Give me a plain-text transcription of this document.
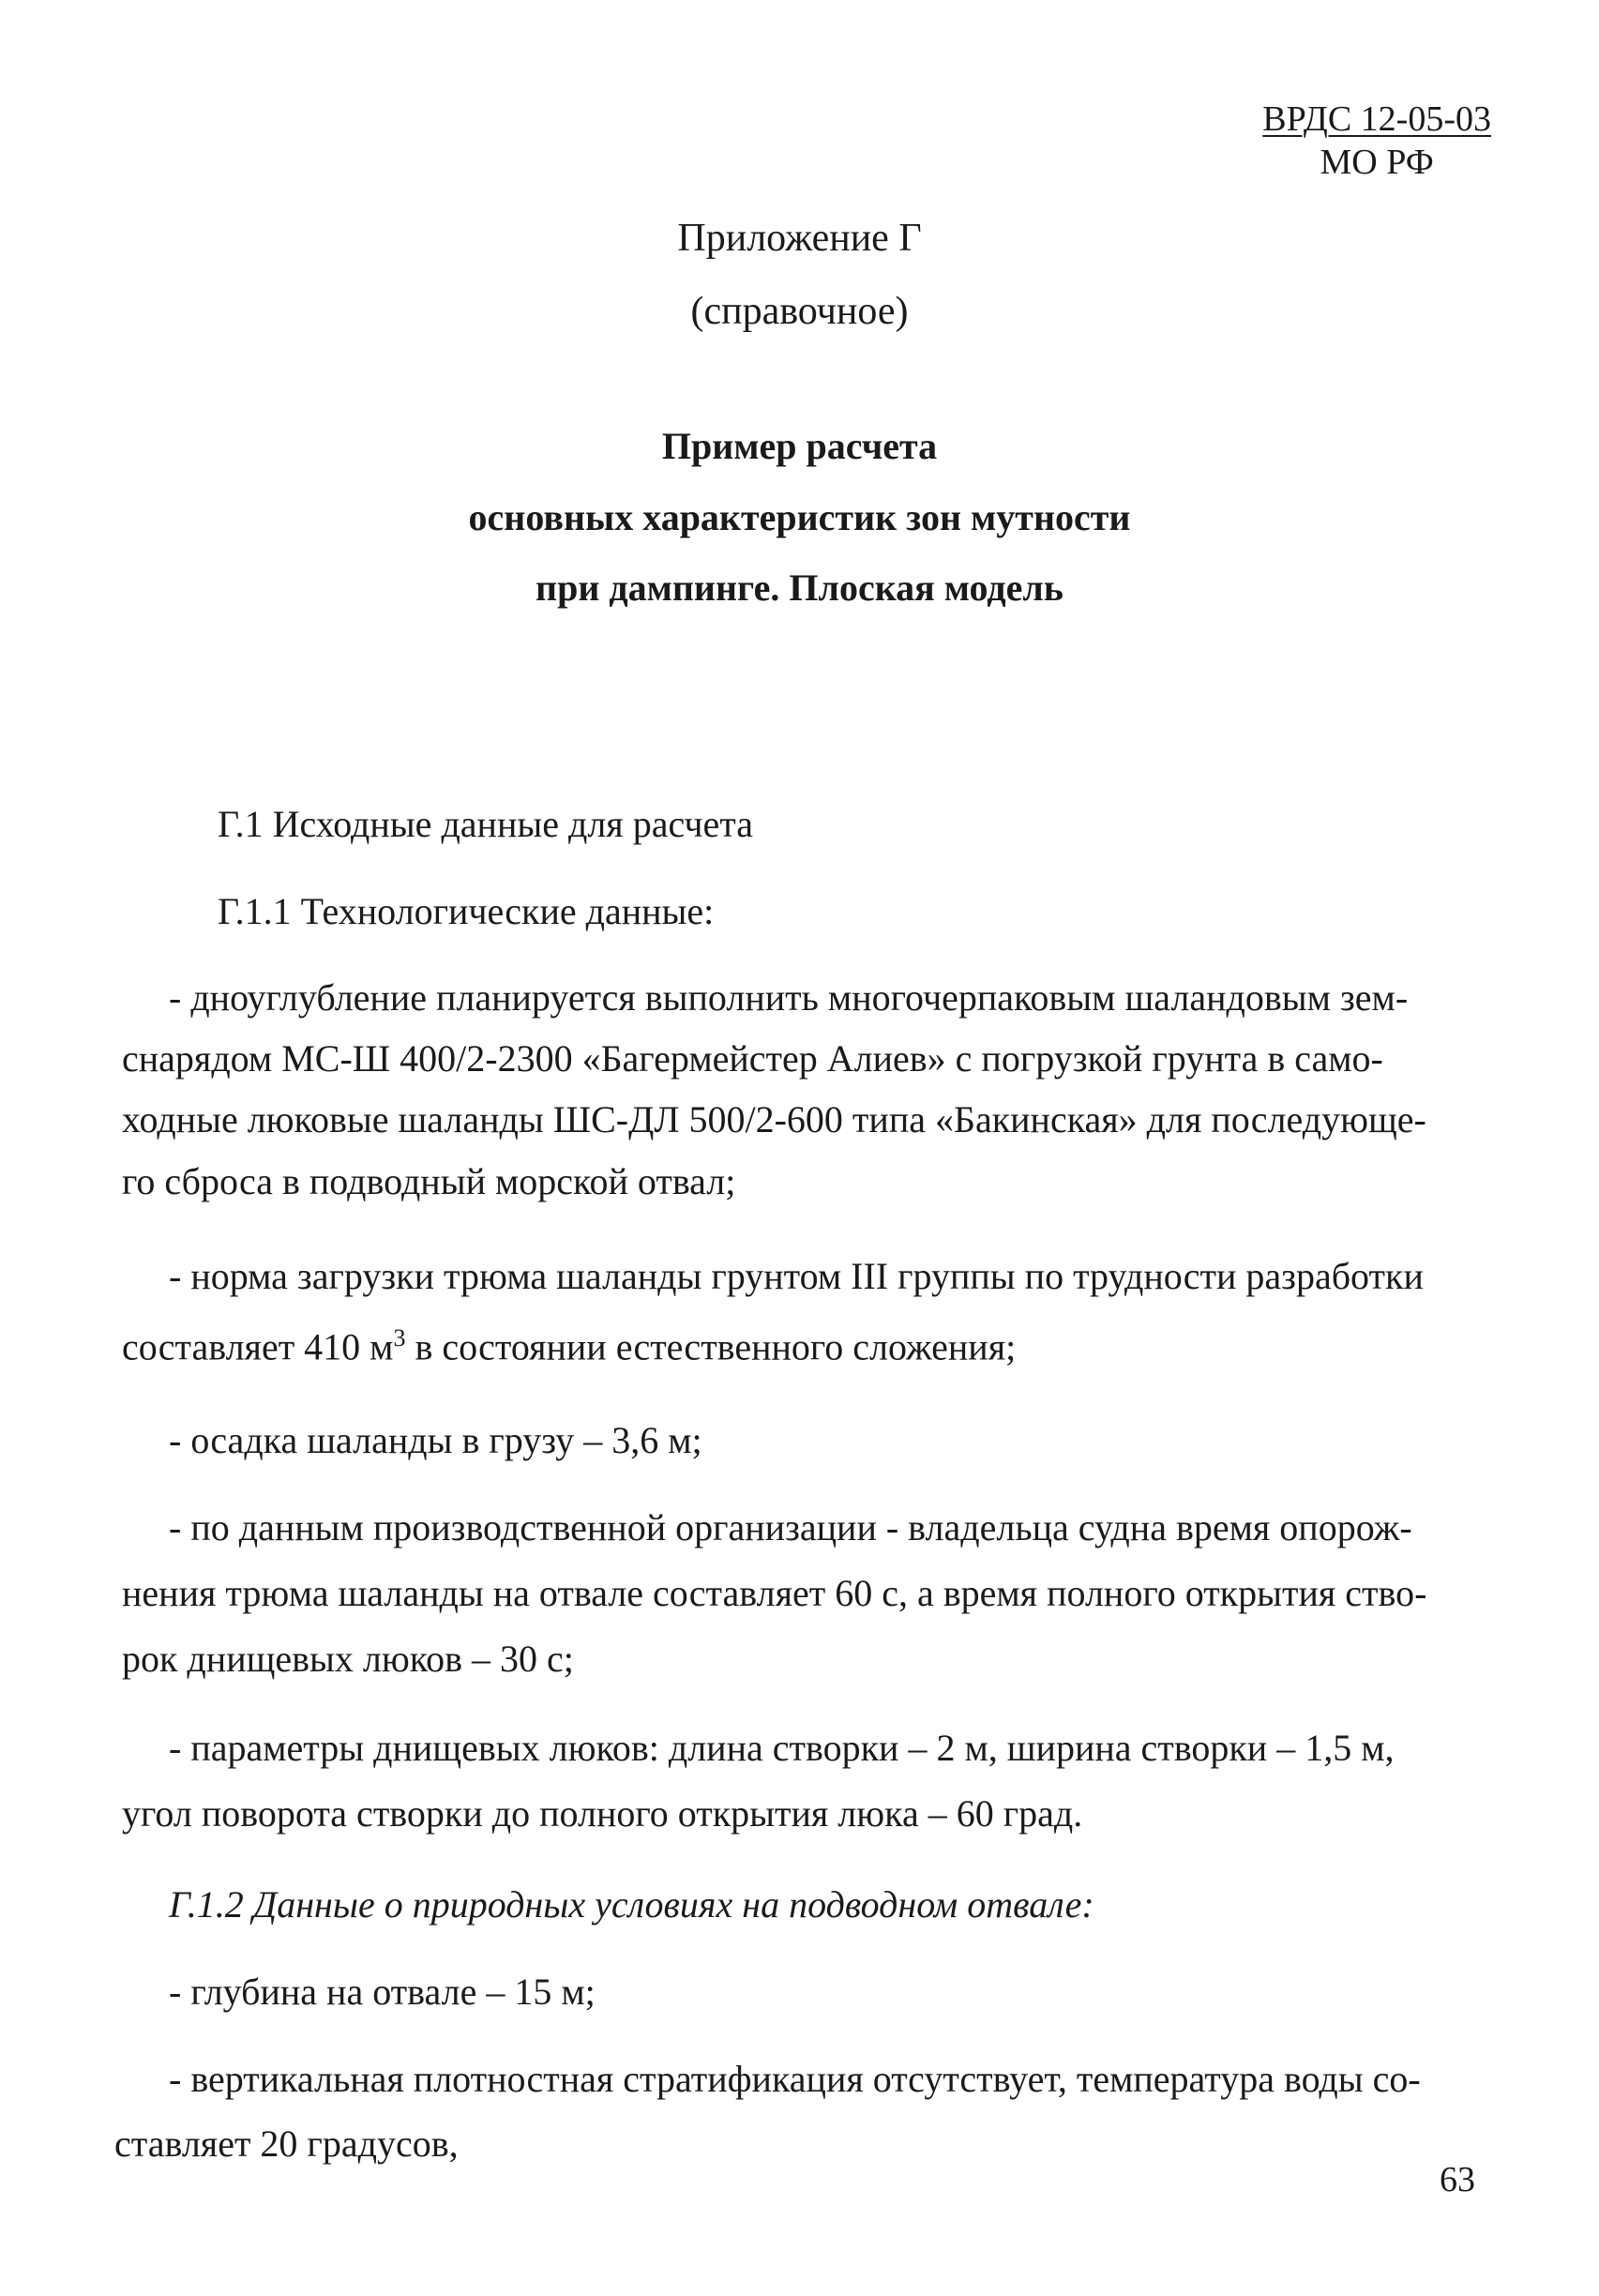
ВРДС 12-05-03
МО РФ
Приложение Г
(справочное)
Пример расчета
основных характеристик зон мутности
при дампинге. Плоская модель
Г.1 Исходные данные для расчета
Г.1.1 Технологические данные:
- дноуглубление планируется выполнить многочерпаковым шаландовым зем-
снарядом МС-Ш 400/2-2300 «Багермейстер Алиев» с погрузкой грунта в само-
ходные люковые шаланды ШС-ДЛ 500/2-600 типа «Бакинская» для последующе-
го сброса в подводный морской отвал;
- норма загрузки трюма шаланды грунтом III группы по трудности разработки
составляет 410 $м^3$ в состоянии естественного сложения;
- осадка шаланды в грузу – 3,6 м;
- по данным производственной организации - владельца судна время опорож-
нения трюма шаланды на отвале составляет 60 с, а время полного открытия ство-
рок днищевых люков – 30 с;
- параметры днищевых люков: длина створки – 2 м, ширина створки – 1,5 м,
угол поворота створки до полного открытия люка – 60 град.
Г.1.2 Данные о природных условиях на подводном отвале:
- глубина на отвале – 15 м;
- вертикальная плотностная стратификация отсутствует, температура воды со-
ставляет 20 градусов,
63
